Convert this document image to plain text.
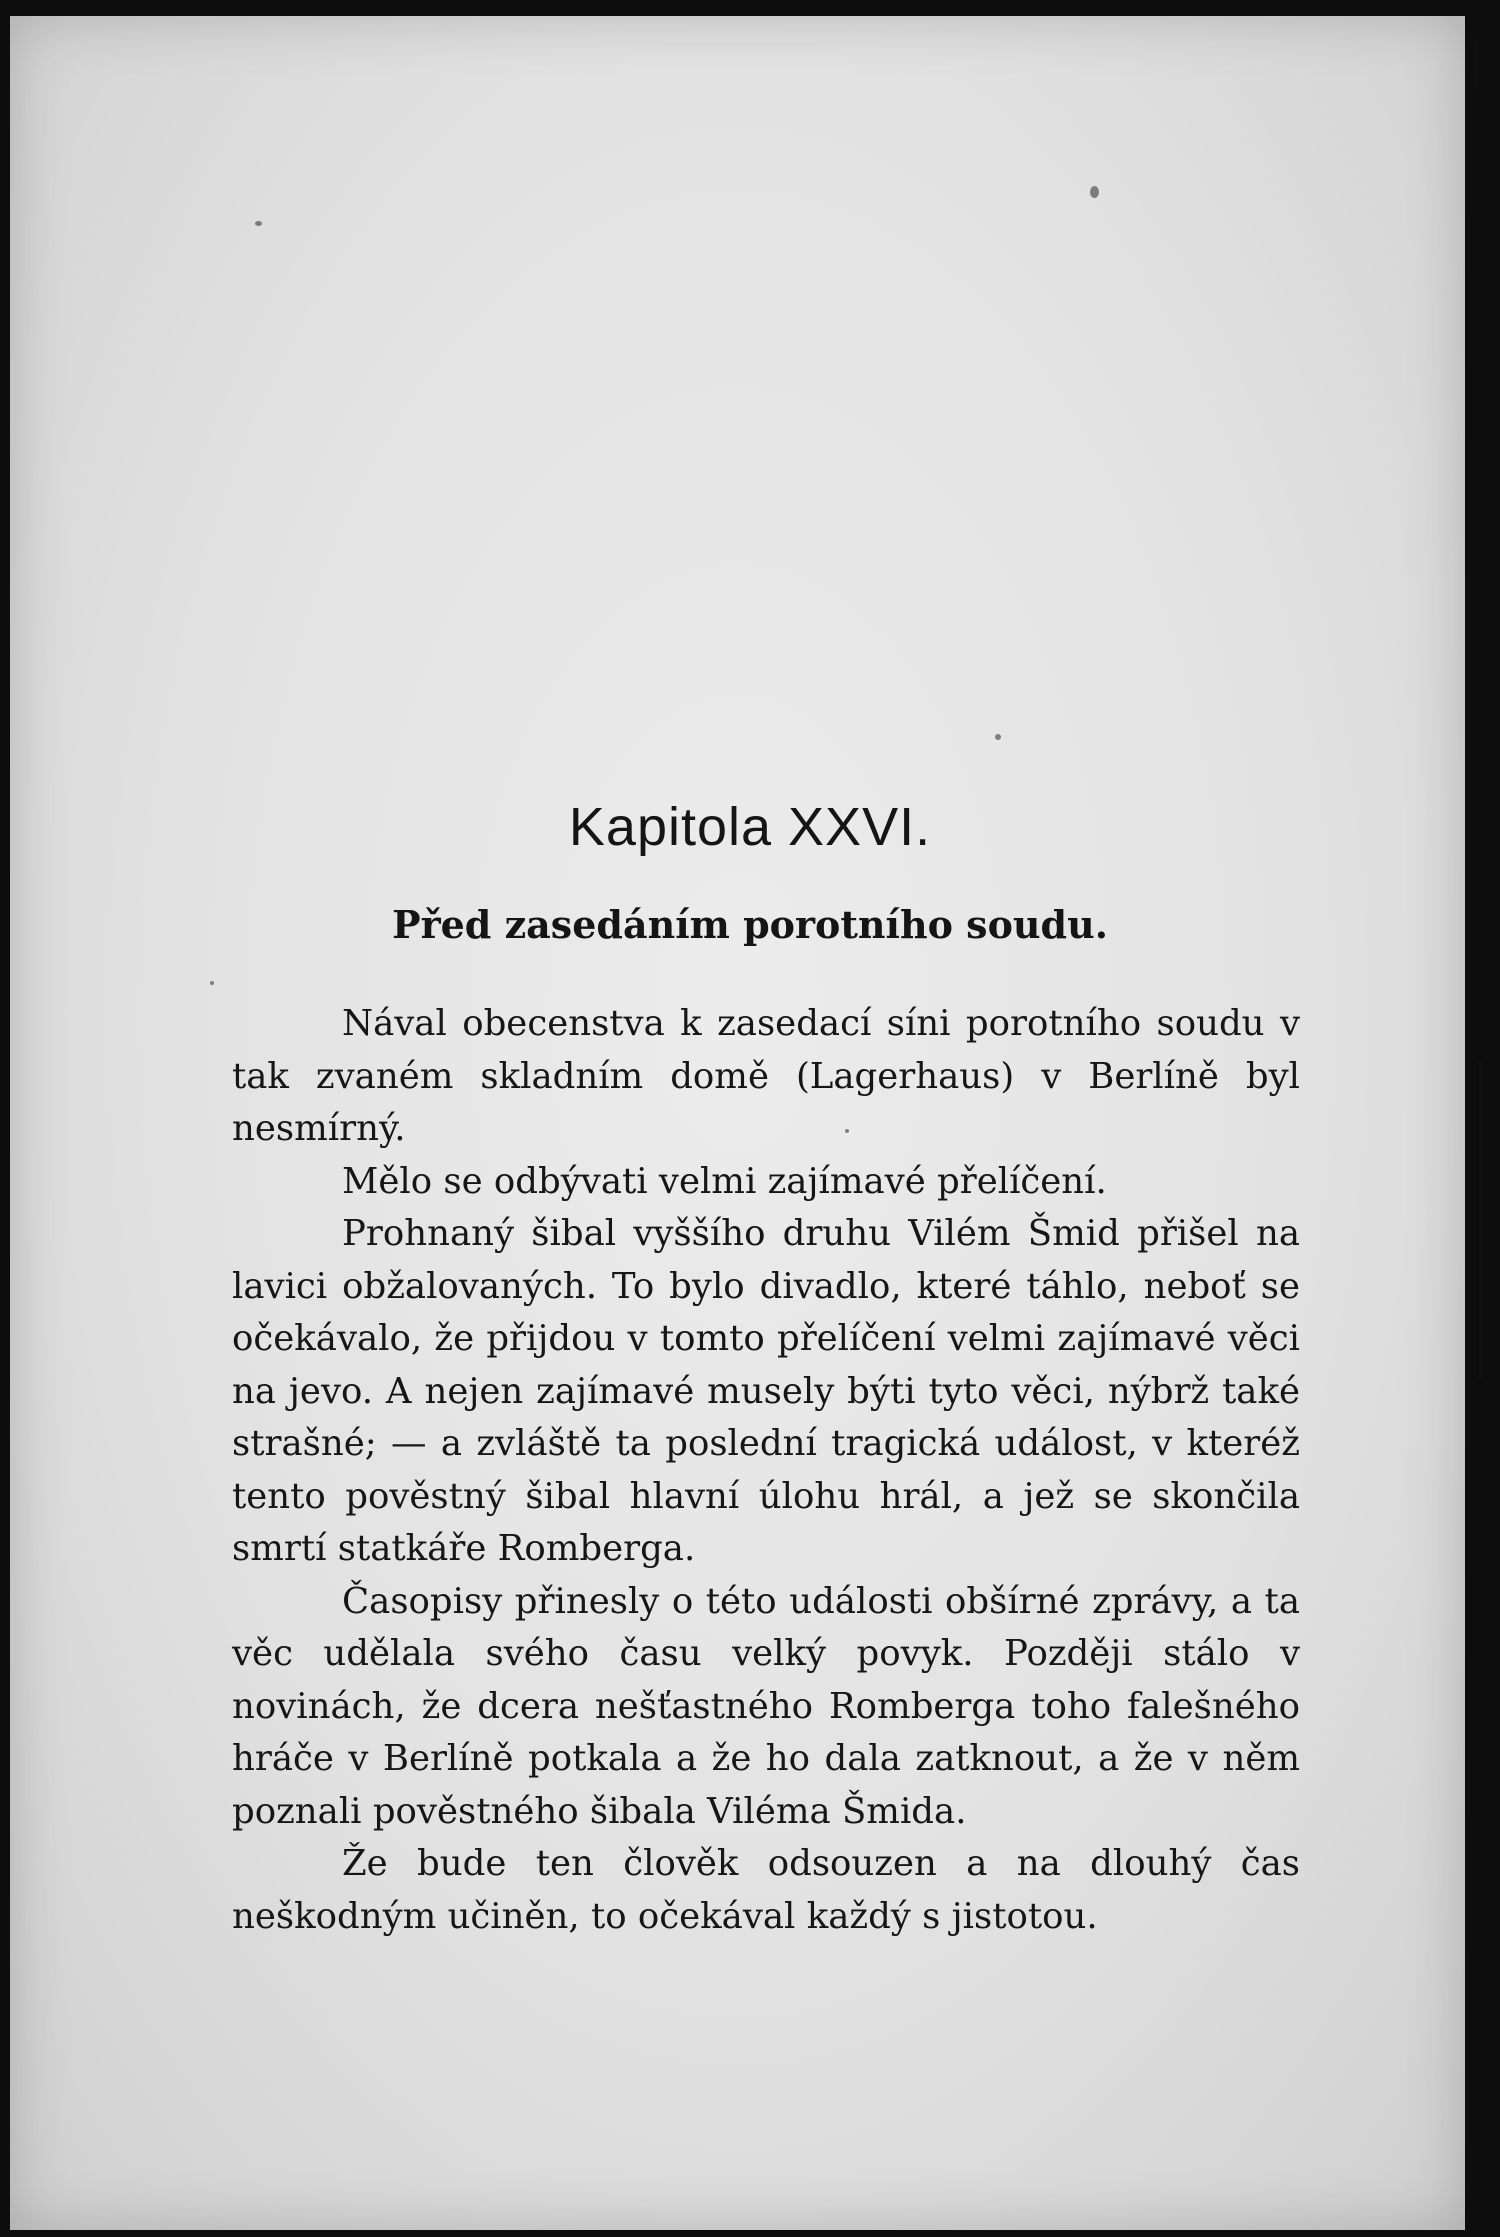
Kapitola XXVI.
Před zasedáním porotního soudu.

Nával obecenstva k zasedací síni porotního soudu v tak zvaném skladním domě (Lagerhaus) v Berlíně byl nesmírný.

Mělo se odbývati velmi zajímavé přelíčení.

Prohnaný šibal vyššího druhu Vilém Šmid přišel na lavici obžalovaných. To bylo divadlo, které táhlo, neboť se očekávalo, že přijdou v tomto přelíčení velmi zajímavé věci na jevo. A nejen zajímavé musely býti tyto věci, nýbrž také strašné; — a zvláště ta poslední tragická událost, v kteréž tento pověstný šibal hlavní úlohu hrál, a jež se skončila smrtí statkáře Romberga.

Časopisy přinesly o této události obšírné zprávy, a ta věc udělala svého času velký povyk. Později stálo v novinách, že dcera nešťastného Romberga toho falešného hráče v Berlíně potkala a že ho dala zatknout, a že v něm poznali pověstného šibala Viléma Šmida.

Že bude ten člověk odsouzen a na dlouhý čas neškodným učiněn, to očekával každý s jistotou.
